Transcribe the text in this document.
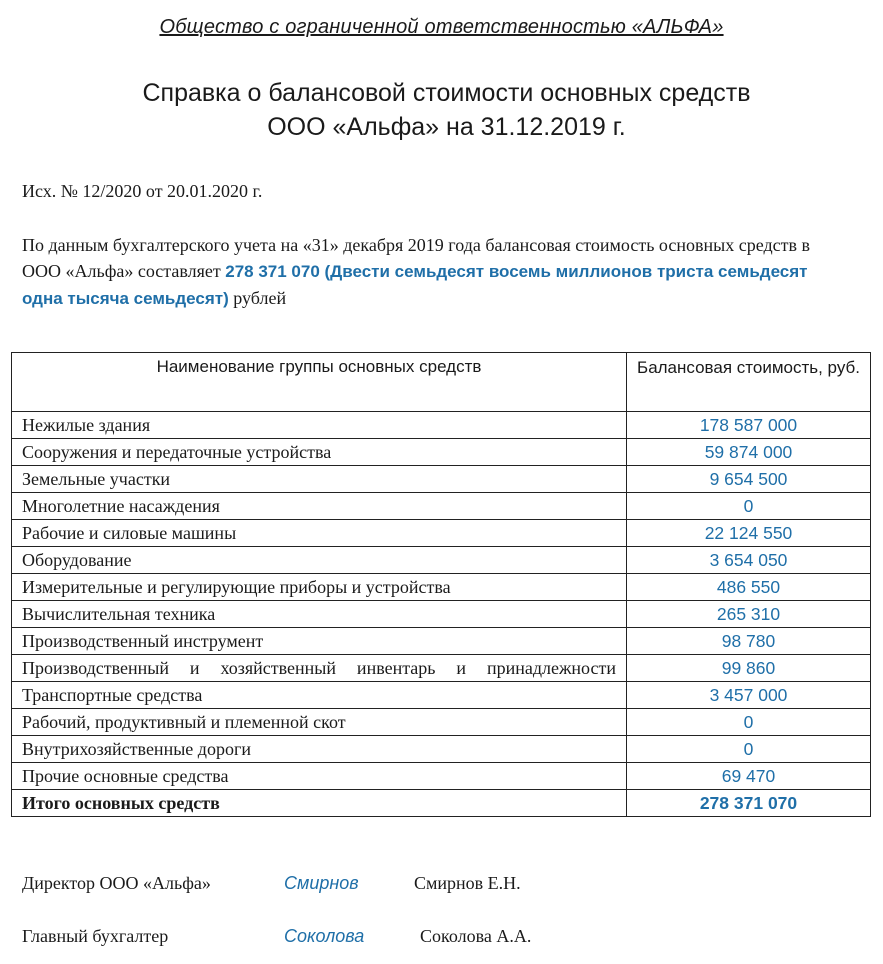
Общество с ограниченной ответственностью «АЛЬФА»
Справка о балансовой стоимости основных средств
ООО «Альфа» на 31.12.2019 г.
Исх. № 12/2020 от 20.01.2020 г.
По данным бухгалтерского учета на «31» декабря 2019 года балансовая стоимость основных средств в ООО «Альфа» составляет 278 371 070 (Двести семьдесят восемь миллионов триста семьдесят одна тысяча семьдесят) рублей
Наименование группы основных средств	Балансовая стоимость, руб.
Нежилые здания	178 587 000
Сооружения и передаточные устройства	59 874 000
Земельные участки	9 654 500
Многолетние насаждения	0
Рабочие и силовые машины	22 124 550
Оборудование	3 654 050
Измерительные и регулирующие приборы и устройства	486 550
Вычислительная техника	265 310
Производственный инструмент	98 780
Производственный и хозяйственный инвентарь и принадлежности	99 860
Транспортные средства	3 457 000
Рабочий, продуктивный и племенной скот	0
Внутрихозяйственные дороги	0
Прочие основные средства	69 470
Итого основных средств	278 371 070
Директор ООО «Альфа»	Смирнов	Смирнов Е.Н.
Главный бухгалтер	Соколова	Соколова А.А.
